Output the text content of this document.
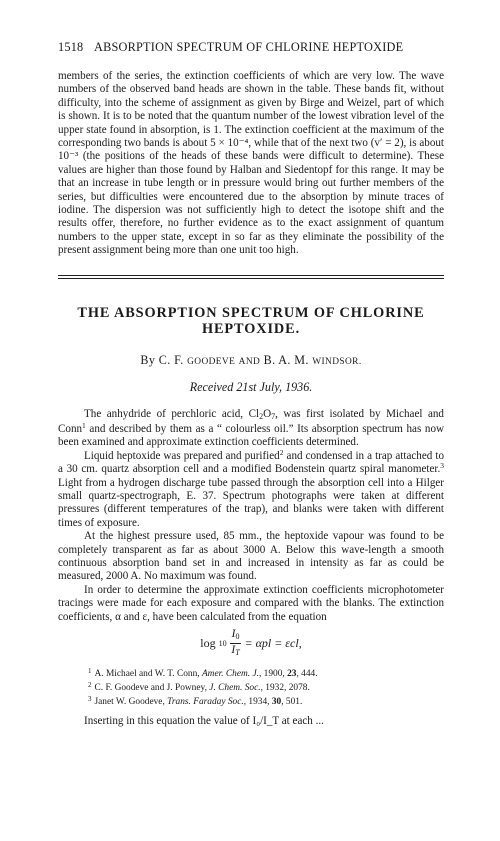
1518 ABSORPTION SPECTRUM OF CHLORINE HEPTOXIDE

members of the series, the extinction coefficients of which are very low. The wave numbers of the observed band heads are shown in the table. These bands fit, without difficulty, into the scheme of assignment as given by Birge and Weizel, part of which is shown. It is to be noted that the quantum number of the lowest vibration level of the upper state found in absorption, is 1. The extinction coefficient at the maximum of the corresponding two bands is about 5 × 10⁻⁴, while that of the next two (v′ = 2), is about 10⁻³ (the positions of the heads of these bands were difficult to determine). These values are higher than those found by Halban and Siedentopf for this range. It may be that an increase in tube length or in pressure would bring out further members of the series, but difficulties were encountered due to the absorption by minute traces of iodine. The dispersion was not sufficiently high to detect the isotope shift and the results offer, therefore, no further evidence as to the exact assignment of quantum numbers to the upper state, except in so far as they eliminate the possibility of the present assignment being more than one unit too high.

THE ABSORPTION SPECTRUM OF CHLORINE
HEPTOXIDE.
By C. F. GOODEVE AND B. A. M. WINDSOR.
Received 21st July, 1936.

The anhydride of perchloric acid, $Cl_2O_7$, was first isolated by Michael and Conn$^1$ and described by them as a “ colourless oil.” Its absorption spectrum has now been examined and approximate extinction coefficients determined.

Liquid heptoxide was prepared and purified$^2$ and condensed in a trap attached to a 30 cm. quartz absorption cell and a modified Bodenstein quartz spiral manometer.$^3$ Light from a hydrogen discharge tube passed through the absorption cell into a Hilger small quartz-spectrograph, E. 37. Spectrum photographs were taken at different pressures (different temperatures of the trap), and blanks were taken with different times of exposure.

At the highest pressure used, 85 mm., the heptoxide vapour was found to be completely transparent as far as about 3000 A. Below this wave-length a smooth continuous absorption band set in and increased in intensity as far as could be measured, 2000 A. No maximum was found.

In order to determine the approximate extinction coefficients microphotometer tracings were made for each exposure and compared with the blanks. The extinction coefficients, α and ε, have been calculated from the equation

$\log 10 \frac{I_0}{I_T} = \alpha pl = \varepsilon cl$,

$^1$ A. Michael and W. T. Conn, Amer. Chem. J., 1900, 23, 444.

$^2$ C. F. Goodeve and J. Powney, J. Chem. Soc., 1932, 2078.

$^3$ Janet W. Goodeve, Trans. Faraday Soc., 1934, 30, 501.

Inserting in this equation the value of I₀/I_T at each ...
